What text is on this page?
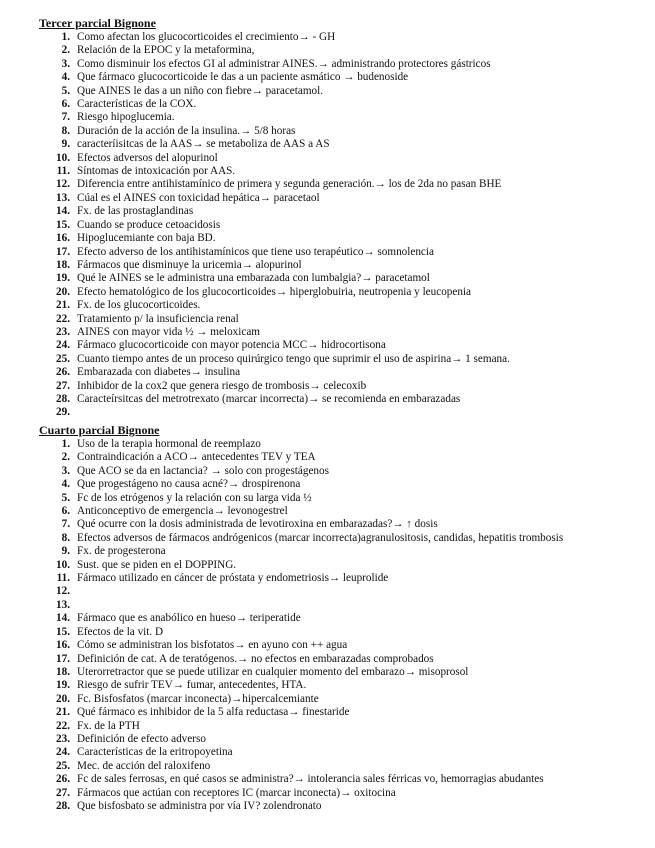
Tercer parcial Bignone
1. Como afectan los glucocorticoides el crecimiento→ - GH
2. Relación de la EPOC y la metaformina,
3. Como disminuir los efectos GI al administrar AINES.→ administrando protectores gástricos
4. Que fármaco glucocorticoide le das a un paciente asmático → budenoside
5. Que AINES le das a un niño con fiebre→ paracetamol.
6. Características de la COX.
7. Riesgo hipoglucemia.
8. Duración de la acción de la insulina.→ 5/8 horas
9. caracteríisitcas de la AAS→ se metaboliza de AAS a AS
10. Efectos adversos del alopurinol
11. Síntomas de intoxicación por AAS.
12. Diferencia entre antihistamínico de primera y segunda generación.→ los de 2da no pasan BHE
13. Cúal es el AINES con toxicidad hepática→ paracetaol
14. Fx. de las prostaglandinas
15. Cuando se produce cetoacidosis
16. Hipoglucemiante con baja BD.
17. Efecto adverso de los antihistamínicos que tiene uso terapéutico→ somnolencia
18. Fármacos que disminuye la uricemia→ alopurinol
19. Qué le AINES se le administra una embarazada con lumbalgia?→ paracetamol
20. Efecto hematológico de los glucocorticoides→ hiperglobuiria, neutropenia y leucopenia
21. Fx. de los glucocorticoides.
22. Tratamiento p/ la insuficiencia renal
23. AINES con mayor vida ½ → meloxicam
24. Fármaco glucocorticoide con mayor potencia MCC→ hidrocortisona
25. Cuanto tiempo antes de un proceso quirúrgico tengo que suprimir el uso de aspirina→ 1 semana.
26. Embarazada con diabetes→ insulina
27. Inhibidor de la cox2 que genera riesgo de trombosis→ celecoxib
28. Caracteírsitcas del metrotrexato (marcar incorrecta)→ se recomienda en embarazadas
29.
Cuarto parcial Bignone
1. Uso de la terapia hormonal de reemplazo
2. Contraindicación a ACO→ antecedentes TEV y TEA
3. Que ACO se da en lactancia? → solo con progestágenos
4. Que progestágeno no causa acné?→ drospirenona
5. Fc de los etrógenos y la relación con su larga vida ½
6. Anticonceptivo de emergencia→ levonogestrel
7. Qué ocurre con la dosis administrada de levotiroxina en embarazadas?→ ↑ dosis
8. Efectos adversos de fármacos andrógenicos (marcar incorrecta)agranulositosis, candidas, hepatitis trombosis
9. Fx. de progesterona
10. Sust. que se piden en el DOPPING.
11. Fármaco utilizado en cáncer de próstata y endometriosis→ leuprolide
12.
13.
14. Fármaco que es anabólico en hueso→ teriperatide
15. Efectos de la vit. D
16. Cómo se administran los bisfotatos→ en ayuno con ++ agua
17. Definición de cat. A de teratógenos.→ no efectos en embarazadas comprobados
18. Uterorretractor que se puede utilizar en cualquier momento del embarazo→ misoprosol
19. Riesgo de sufrir TEV→ fumar, antecedentes, HTA.
20. Fc. Bisfosfatos (marcar inconecta)→hipercalcemiante
21. Qué fármaco es inhibidor de la 5 alfa reductasa→ finestaride
22. Fx. de la PTH
23. Definición de efecto adverso
24. Características de la eritropoyetina
25. Mec. de acción del raloxifeno
26. Fc de sales ferrosas, en qué casos se administra?→ intolerancia sales férricas vo, hemorragias abudantes
27. Fármacos que actúan con receptores IC (marcar inconecta)→ oxitocina
28. Que bisfosbato se administra por vía IV? zolendronato
